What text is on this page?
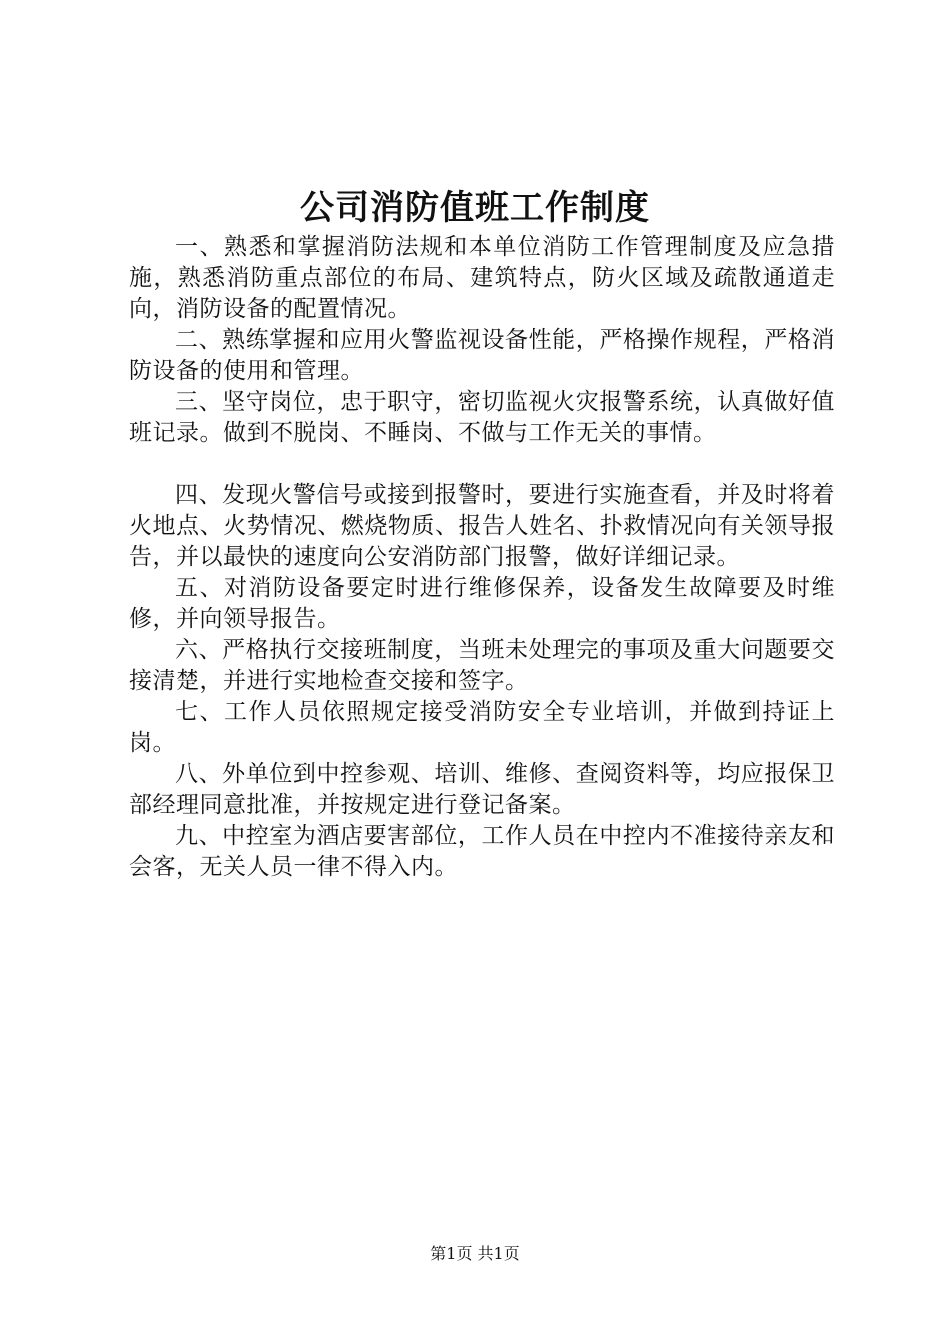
公司消防值班工作制度

一、熟悉和掌握消防法规和本单位消防工作管理制度及应急措施，熟悉消防重点部位的布局、建筑特点，防火区域及疏散通道走向，消防设备的配置情况。

二、熟练掌握和应用火警监视设备性能，严格操作规程，严格消防设备的使用和管理。

三、坚守岗位，忠于职守，密切监视火灾报警系统，认真做好值班记录。做到不脱岗、不睡岗、不做与工作无关的事情。

四、发现火警信号或接到报警时，要进行实施查看，并及时将着火地点、火势情况、燃烧物质、报告人姓名、扑救情况向有关领导报告，并以最快的速度向公安消防部门报警，做好详细记录。

五、对消防设备要定时进行维修保养，设备发生故障要及时维修，并向领导报告。

六、严格执行交接班制度，当班未处理完的事项及重大问题要交接清楚，并进行实地检查交接和签字。

七、工作人员依照规定接受消防安全专业培训，并做到持证上岗。

八、外单位到中控参观、培训、维修、查阅资料等，均应报保卫部经理同意批准，并按规定进行登记备案。

九、中控室为酒店要害部位，工作人员在中控内不准接待亲友和会客，无关人员一律不得入内。

第1页 共1页
